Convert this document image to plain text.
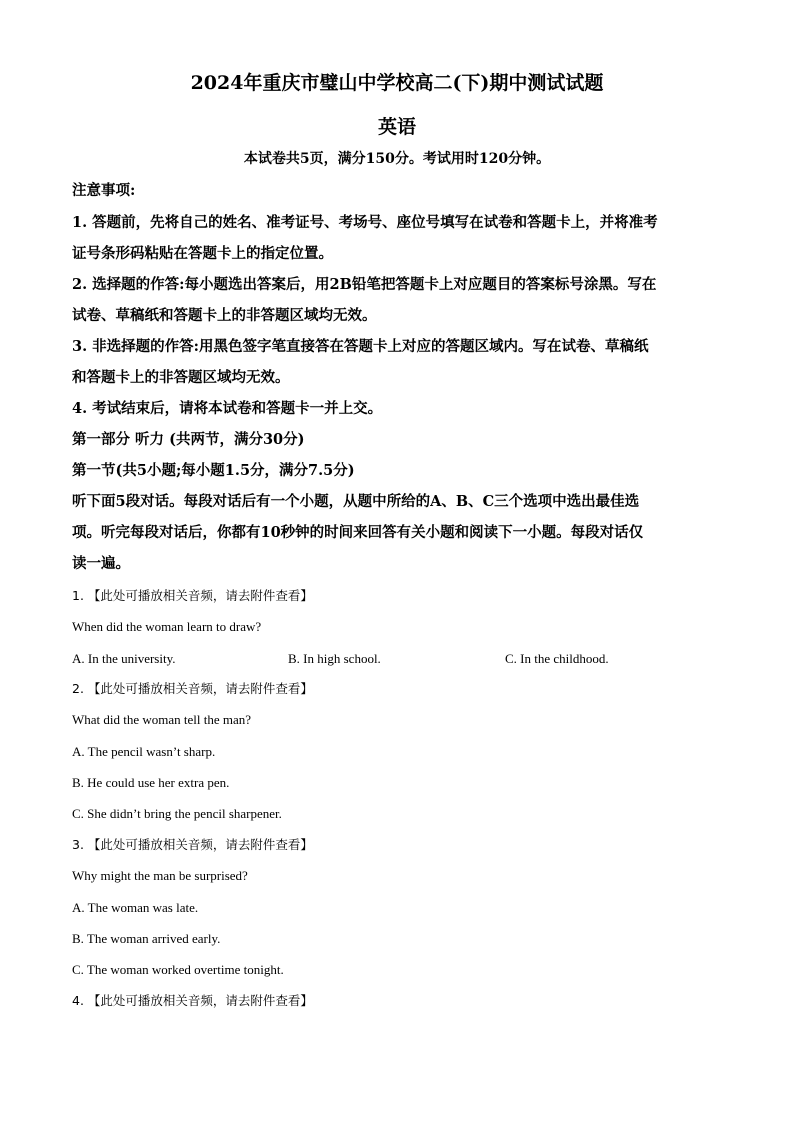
2024年重庆市璧山中学校高二(下)期中测试试题
英语
本试卷共5页，满分150分。考试用时120分钟。
注意事项:
1. 答题前，先将自己的姓名、准考证号、考场号、座位号填写在试卷和答题卡上，并将准考
证号条形码粘贴在答题卡上的指定位置。
2. 选择题的作答:每小题选出答案后，用2B铅笔把答题卡上对应题目的答案标号涂黑。写在
试卷、草稿纸和答题卡上的非答题区域均无效。
3. 非选择题的作答:用黑色签字笔直接答在答题卡上对应的答题区域内。写在试卷、草稿纸
和答题卡上的非答题区域均无效。
4. 考试结束后，请将本试卷和答题卡一并上交。
第一部分 听力 (共两节，满分30分)
第一节(共5小题;每小题1.5分，满分7.5分)
听下面5段对话。每段对话后有一个小题，从题中所给的A、B、C三个选项中选出最佳选
项。听完每段对话后，你都有10秒钟的时间来回答有关小题和阅读下一小题。每段对话仅
读一遍。
1. 【此处可播放相关音频，请去附件查看】
When did the woman learn to draw?
A. In the university.	B. In high school.	C. In the childhood.
2. 【此处可播放相关音频，请去附件查看】
What did the woman tell the man?
A. The pencil wasn’t sharp.
B. He could use her extra pen.
C. She didn’t bring the pencil sharpener.
3. 【此处可播放相关音频，请去附件查看】
Why might the man be surprised?
A. The woman was late.
B. The woman arrived early.
C. The woman worked overtime tonight.
4. 【此处可播放相关音频，请去附件查看】
